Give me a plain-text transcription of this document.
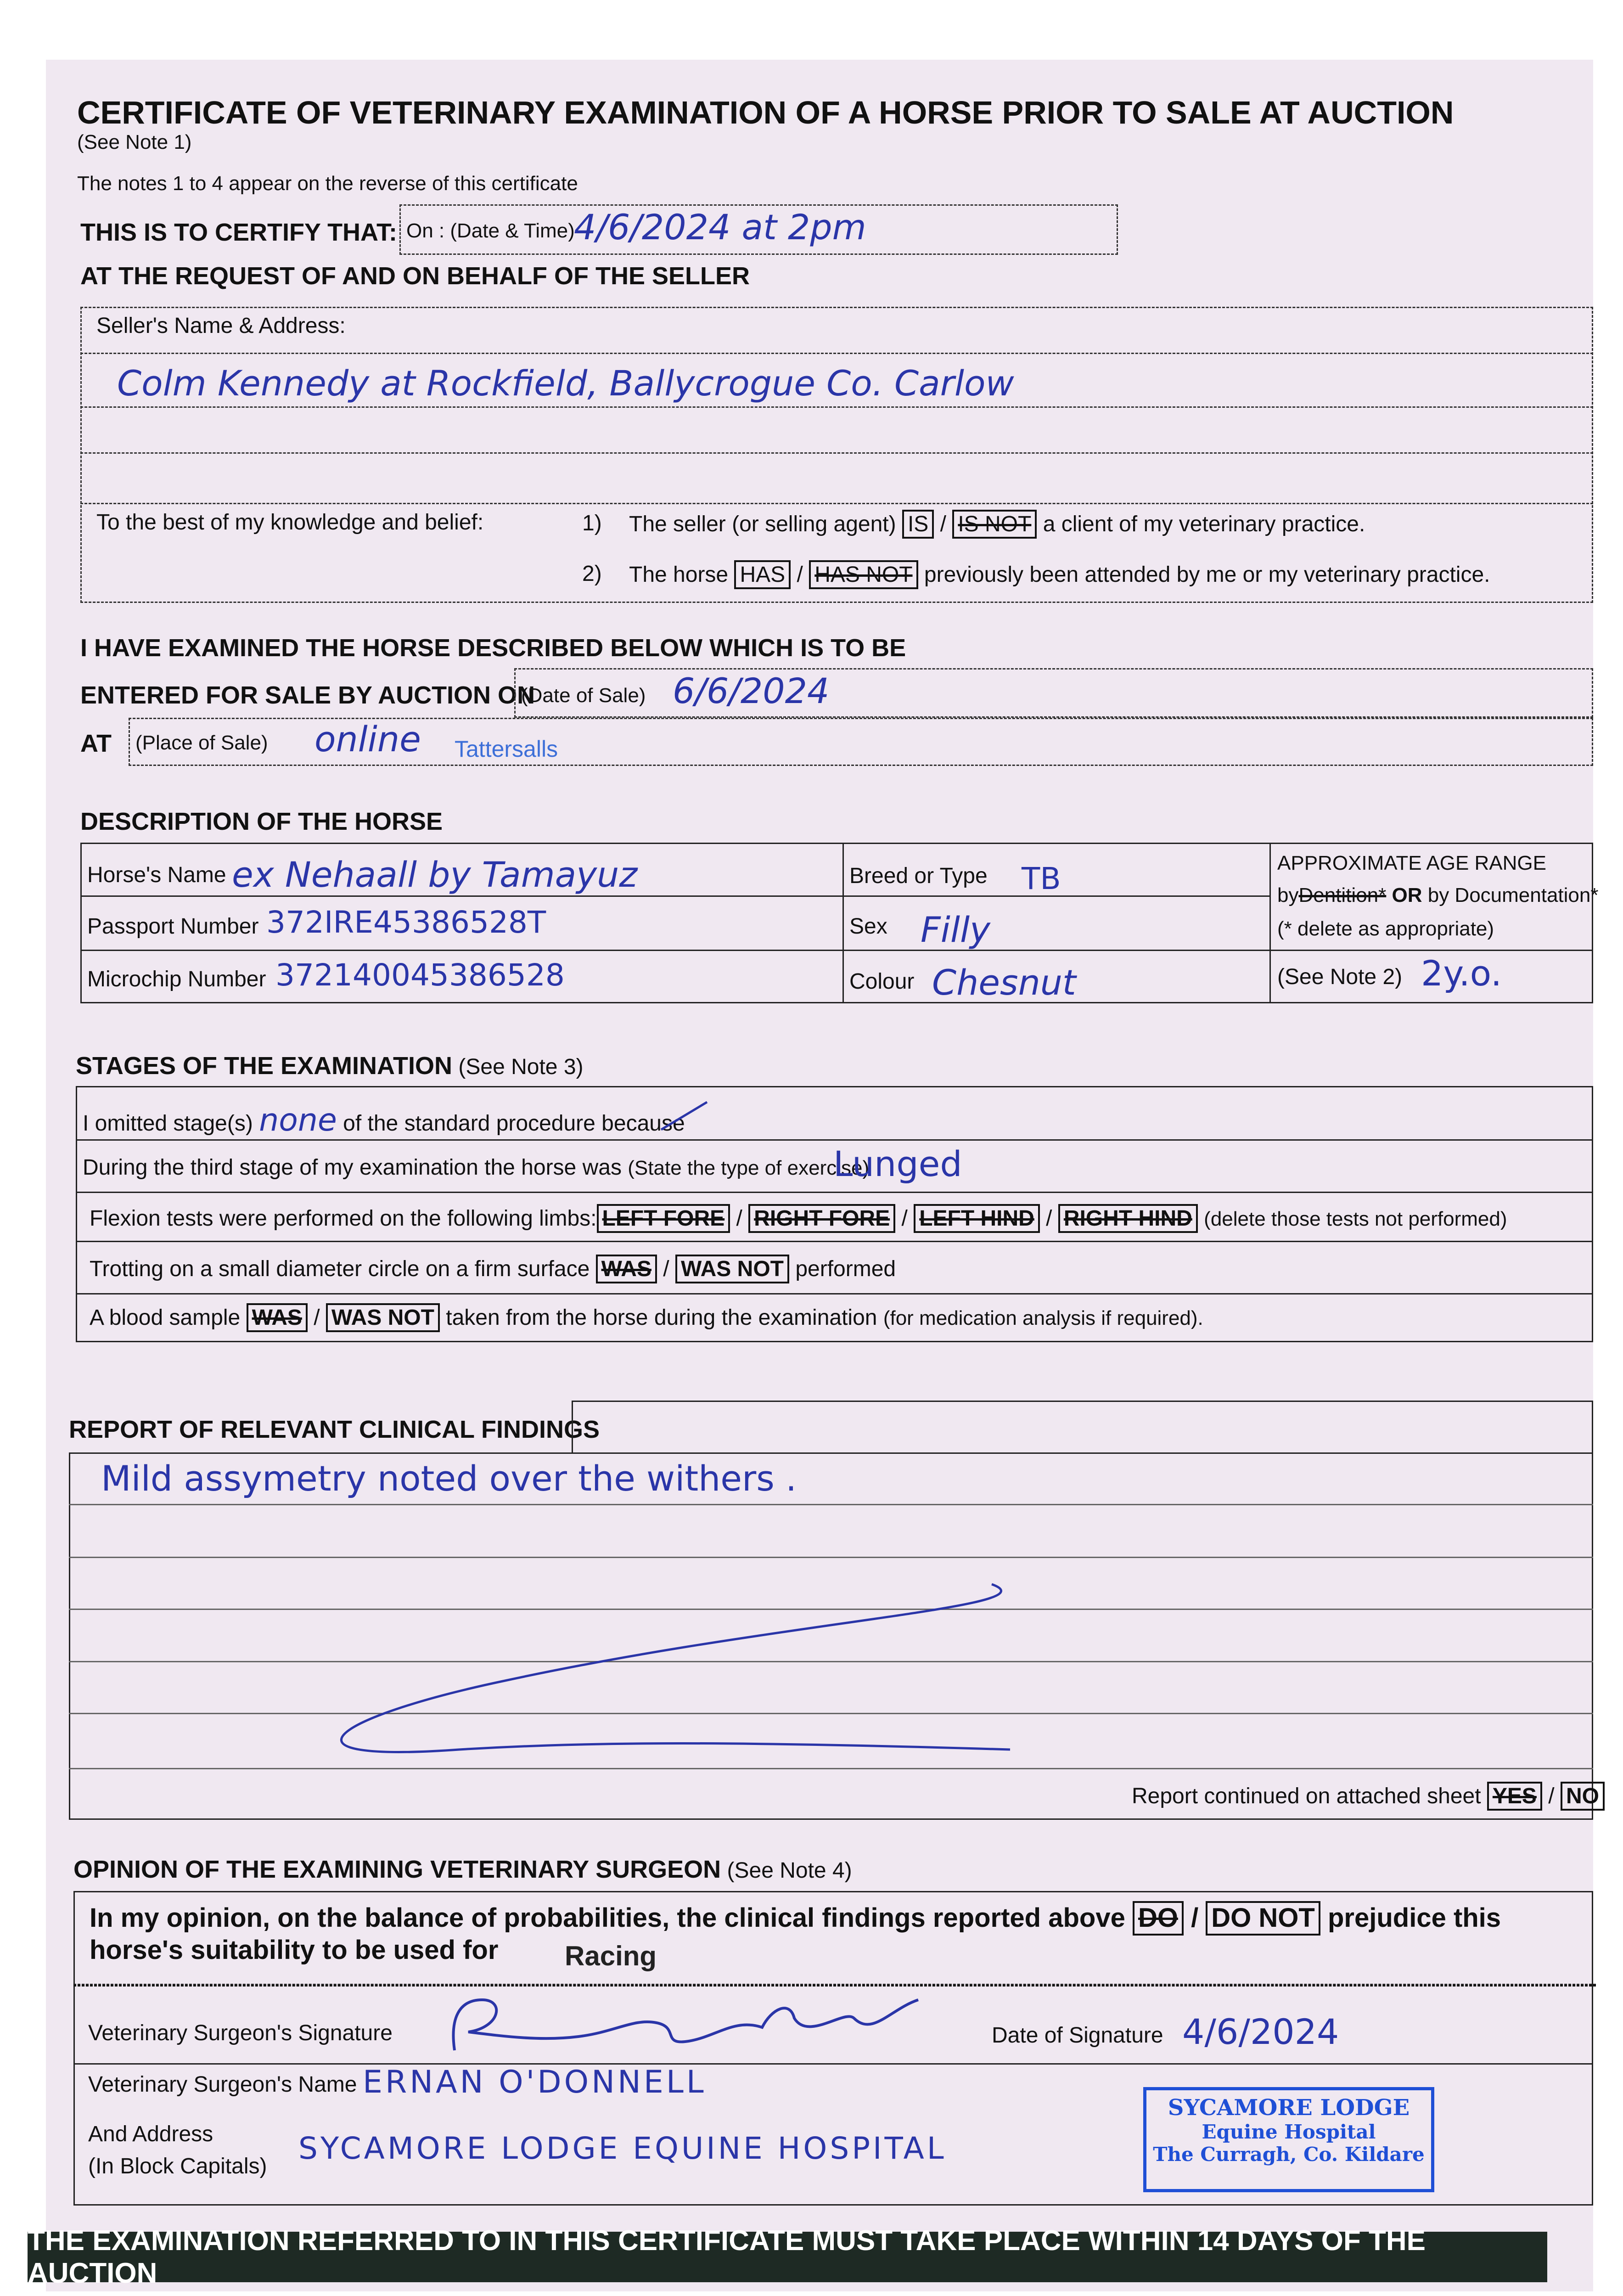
CERTIFICATE OF VETERINARY EXAMINATION OF A HORSE PRIOR TO SALE AT AUCTION
(See Note 1)
The notes 1 to 4 appear on the reverse of this certificate
THIS IS TO CERTIFY THAT: On : (Date & Time)
4/6/2024 at 2pm
AT THE REQUEST OF AND ON BEHALF OF THE SELLER
Seller's Name & Address:
Colm Kennedy at Rockfield, Ballycrogue Co. Carlow
To the best of my knowledge and belief:	1) The seller (or selling agent) IS / IS NOT a client of my veterinary practice.
2) The horse HAS / HAS NOT previously been attended by me or my veterinary practice.
I HAVE EXAMINED THE HORSE DESCRIBED BELOW WHICH IS TO BE
ENTERED FOR SALE BY AUCTION ON
(Date of Sale) 6/6/2024
AT (Place of Sale) online Tattersalls
DESCRIPTION OF THE HORSE
Horse's Name ex Nehaall by Tamayuz
Passport Number 372IRE45386528T
Microchip Number 372140045386528
Breed or Type TB
Sex Filly
Colour Chesnut
APPROXIMATE AGE RANGE
byDentition* OR by Documentation*
(* delete as appropriate)
(See Note 2) 2y.o.
STAGES OF THE EXAMINATION (See Note 3)
I omitted stage(s) none of the standard procedure because
During the third stage of my examination the horse was (State the type of exercise)
Lunged
Flexion tests were performed on the following limbs: LEFT FORE / RIGHT FORE / LEFT HIND / RIGHT HIND (delete those tests not performed)
Trotting on a small diameter circle on a firm surface WAS / WAS NOT performed
A blood sample WAS / WAS NOT taken from the horse during the examination (for medication analysis if required).
REPORT OF RELEVANT CLINICAL FINDINGS
Mild assymetry noted over the withers .
Report continued on attached sheet YES / NO
OPINION OF THE EXAMINING VETERINARY SURGEON (See Note 4)
In my opinion, on the balance of probabilities, the clinical findings reported above DO / DO NOT prejudice this
horse's suitability to be used for Racing
Veterinary Surgeon's Signature	Date of Signature 4/6/2024
Veterinary Surgeon's Name ERNAN O'DONNELL
And Address
(In Block Capitals)
SYCAMORE LODGE EQUINE HOSPITAL
SYCAMORE LODGE
Equine Hospital
The Curragh, Co. Kildare
THE EXAMINATION REFERRED TO IN THIS CERTIFICATE MUST TAKE PLACE WITHIN 14 DAYS OF THE AUCTION
